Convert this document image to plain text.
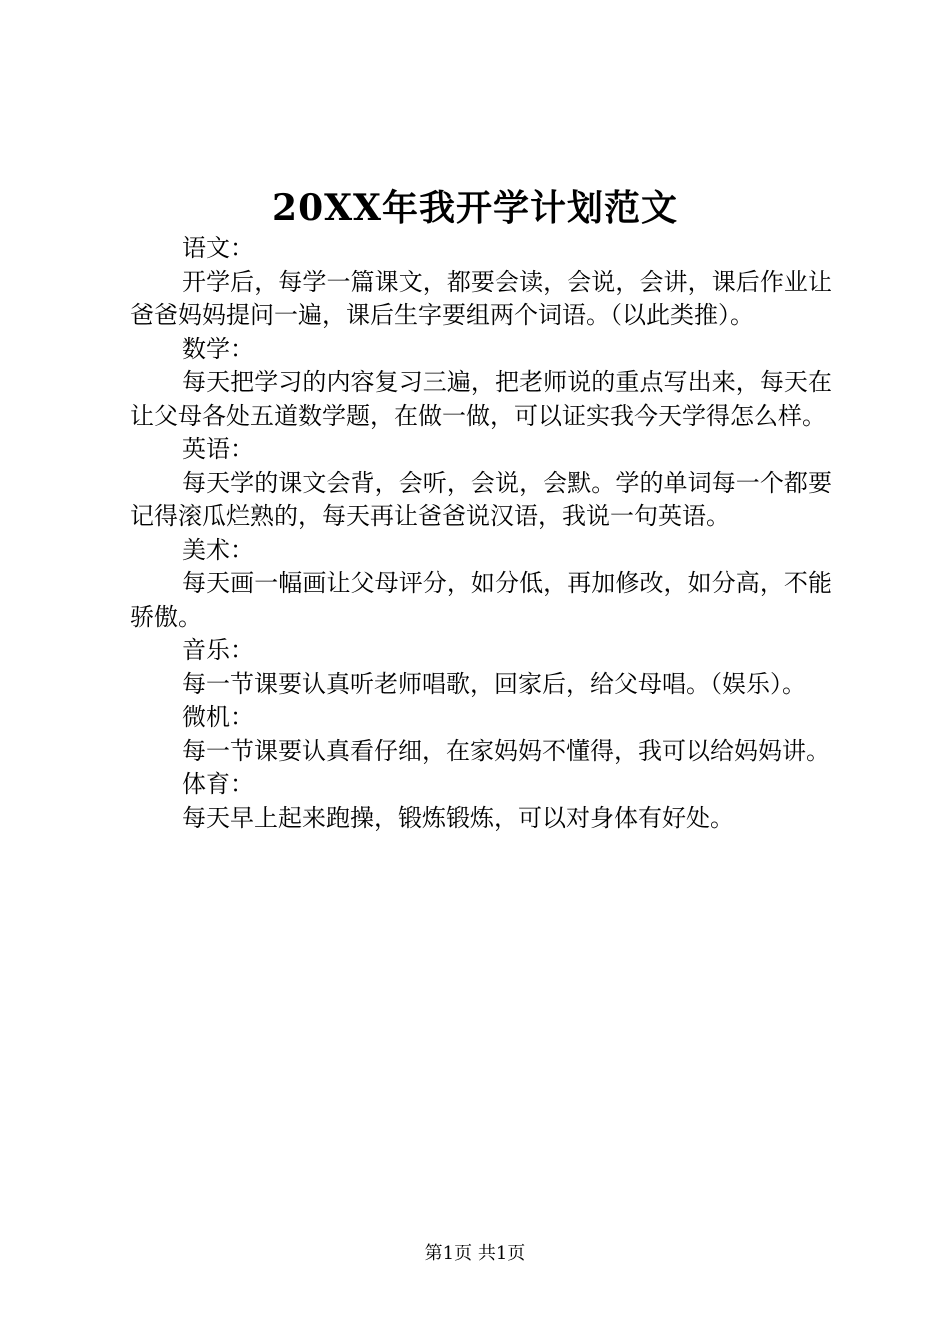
20XX年我开学计划范文

语文：

开学后，每学一篇课文，都要会读，会说，会讲，课后作业让爸爸妈妈提问一遍，课后生字要组两个词语。（以此类推）。

数学：

每天把学习的内容复习三遍，把老师说的重点写出来，每天在让父母各处五道数学题，在做一做，可以证实我今天学得怎么样。

英语：

每天学的课文会背，会听，会说，会默。学的单词每一个都要记得滚瓜烂熟的，每天再让爸爸说汉语，我说一句英语。

美术：

每天画一幅画让父母评分，如分低，再加修改，如分高，不能骄傲。

音乐：

每一节课要认真听老师唱歌，回家后，给父母唱。（娱乐）。

微机：

每一节课要认真看仔细，在家妈妈不懂得，我可以给妈妈讲。

体育：

每天早上起来跑操，锻炼锻炼，可以对身体有好处。

第1页 共1页
